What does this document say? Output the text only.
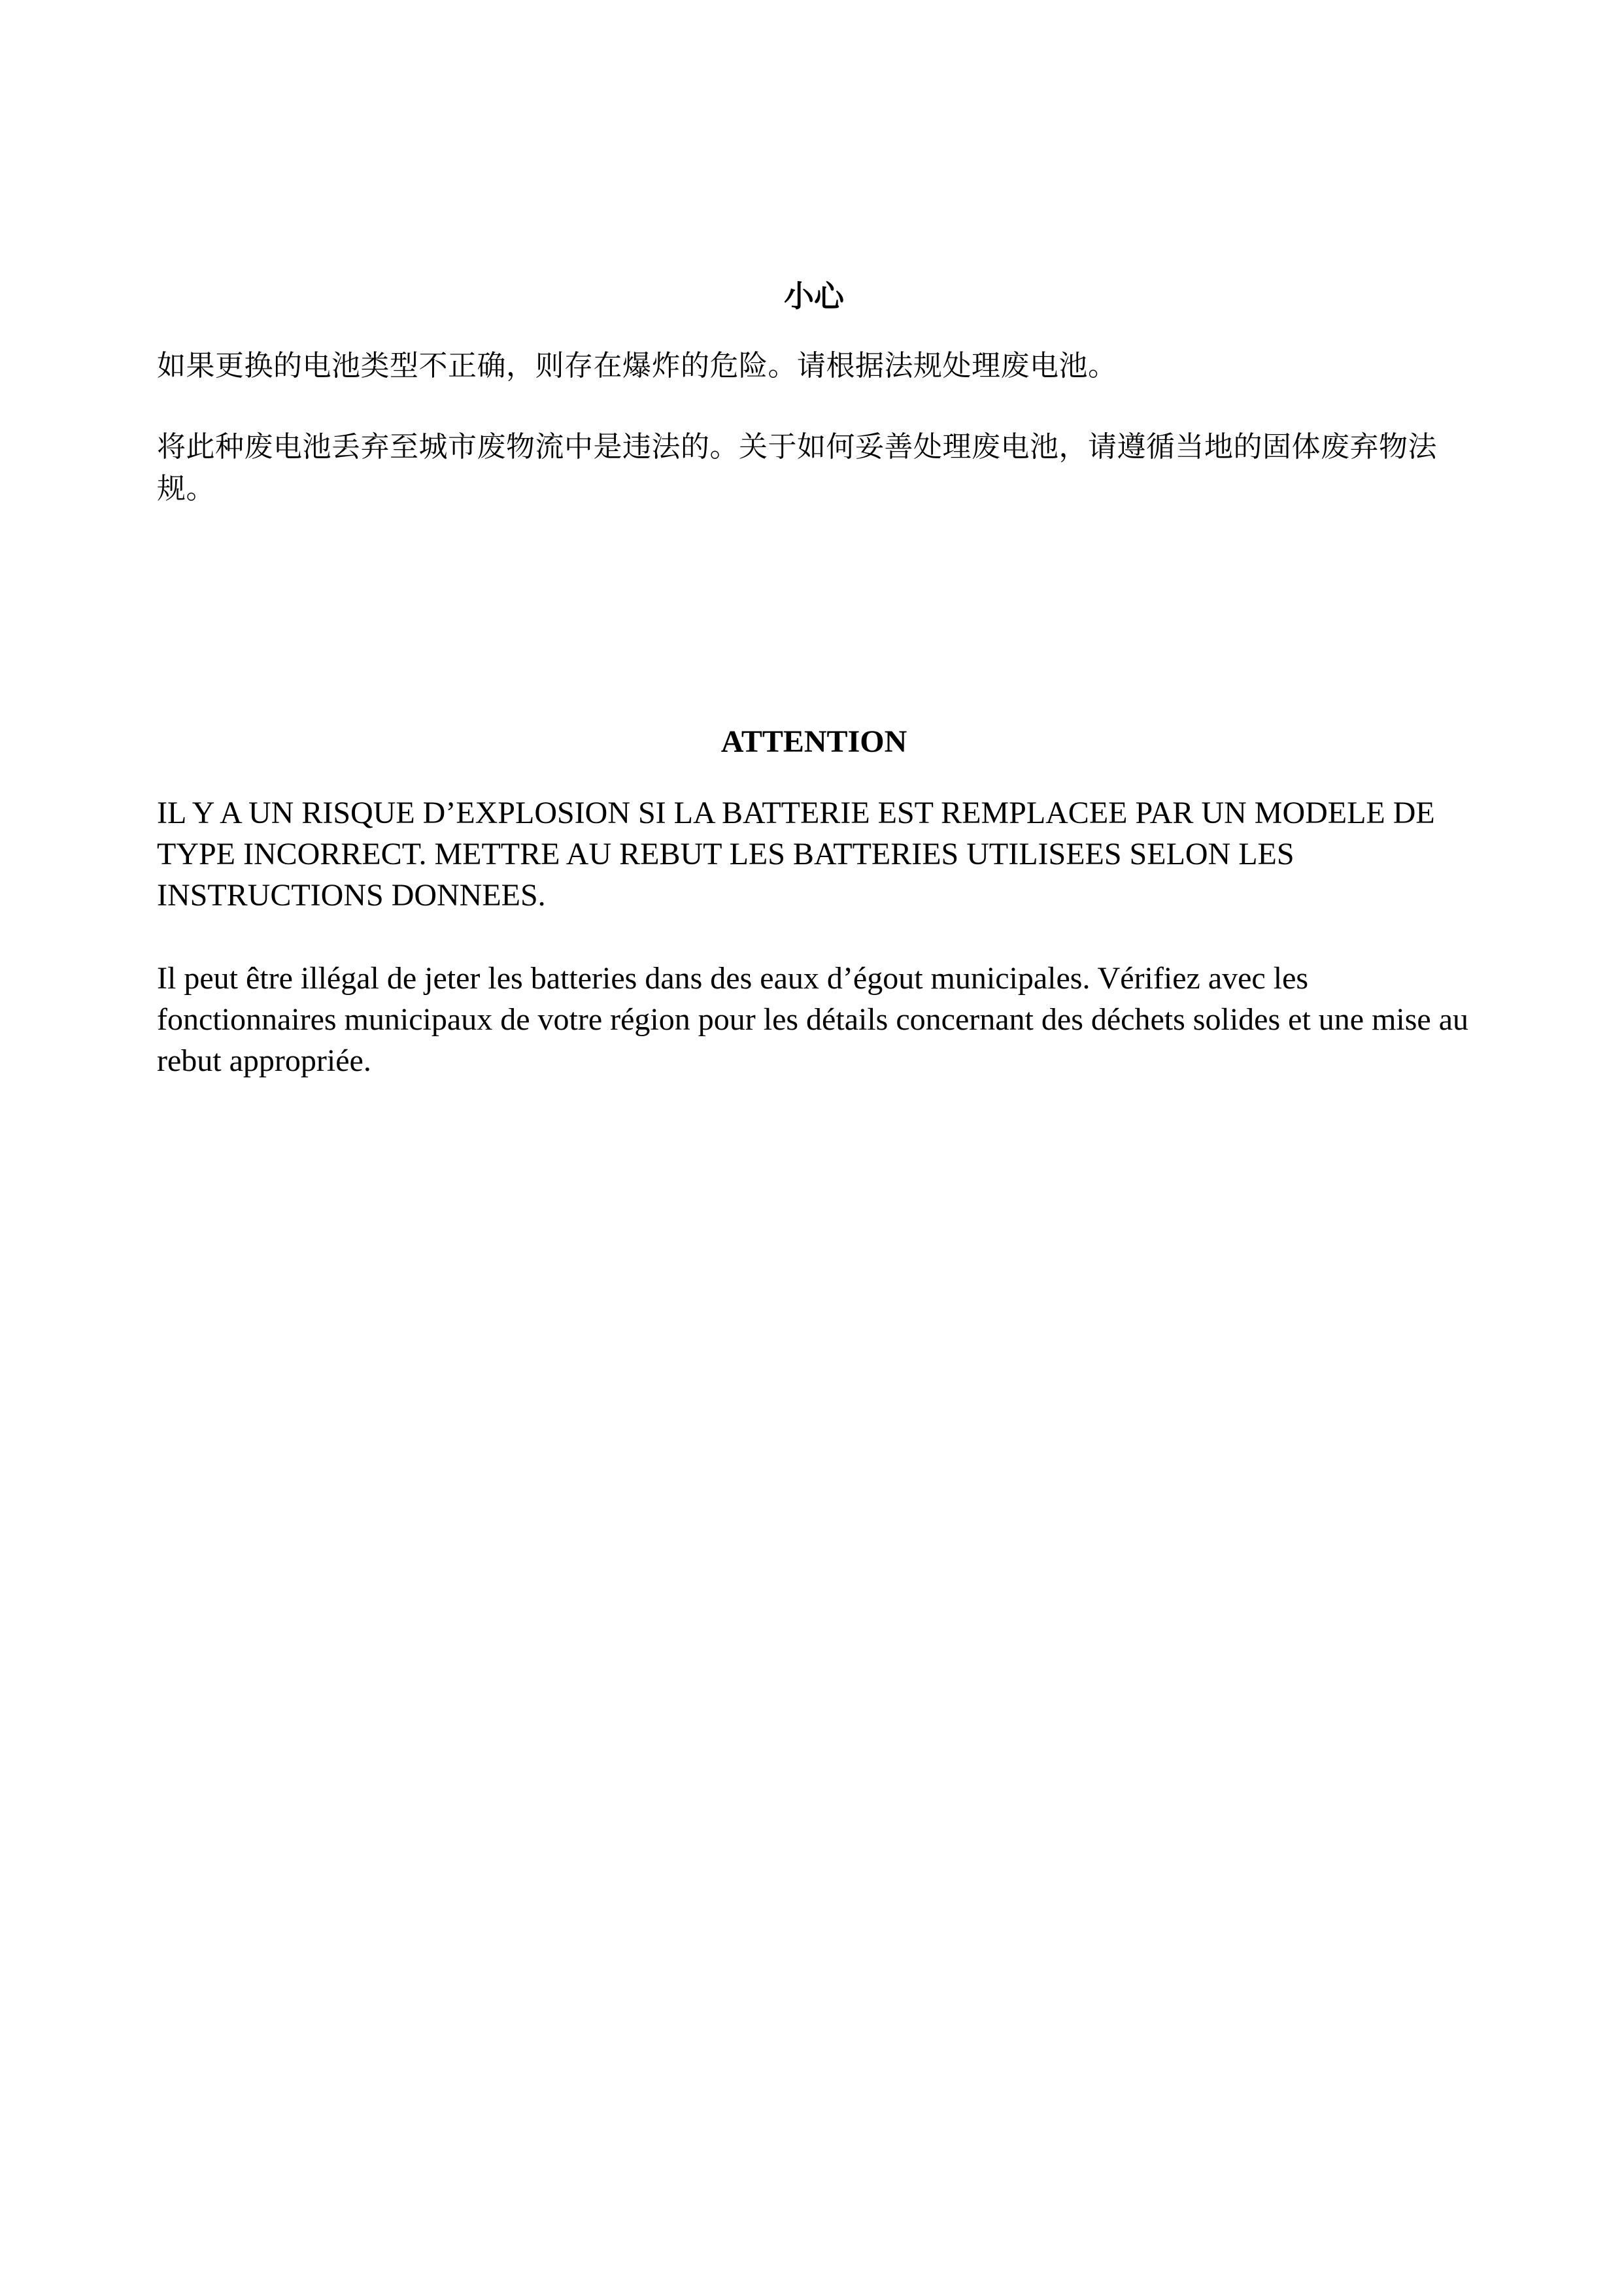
小心

如果更换的电池类型不正确，则存在爆炸的危险。请根据法规处理废电池。

将此种废电池丢弃至城市废物流中是违法的。关于如何妥善处理废电池，请遵循当地的固体废弃物法规。

ATTENTION

IL Y A UN RISQUE D’EXPLOSION SI LA BATTERIE EST REMPLACEE PAR UN MODELE DE TYPE INCORRECT. METTRE AU REBUT LES BATTERIES UTILISEES SELON LES INSTRUCTIONS DONNEES.

Il peut être illégal de jeter les batteries dans des eaux d’égout municipales. Vérifiez avec les fonctionnaires municipaux de votre région pour les détails concernant des déchets solides et une mise au rebut appropriée.
